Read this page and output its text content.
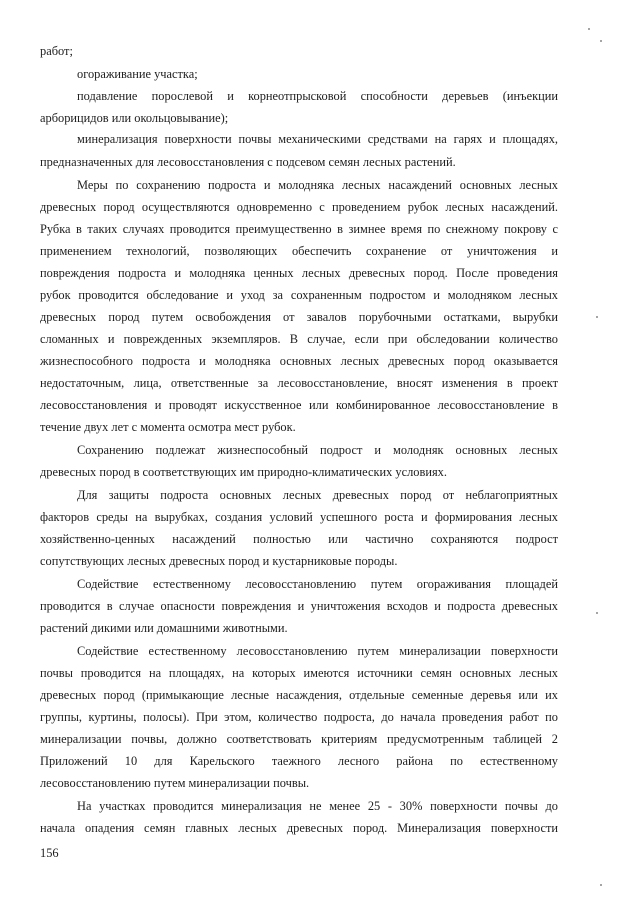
работ;
огораживание участка;
подавление порослевой и корнеотпрысковой способности деревьев (инъекции
арборицидов или окольцовывание);
минерализация поверхности почвы механическими средствами на гарях и площадях,
предназначенных для лесовосстановления с подсевом семян лесных растений.
Меры по сохранению подроста и молодняка лесных насаждений основных лесных
древесных пород осуществляются одновременно с проведением рубок лесных насаждений.
Рубка в таких случаях проводится преимущественно в зимнее время по снежному покрову с
применением технологий, позволяющих обеспечить сохранение от уничтожения и
повреждения подроста и молодняка ценных лесных древесных пород. После проведения
рубок проводится обследование и уход за сохраненным подростом и молодняком лесных
древесных пород путем освобождения от завалов порубочными остатками, вырубки
сломанных и поврежденных экземпляров. В случае, если при обследовании количество
жизнеспособного подроста и молодняка основных лесных древесных пород оказывается
недостаточным, лица, ответственные за лесовосстановление, вносят изменения в проект
лесовосстановления и проводят искусственное или комбинированное лесовосстановление в
течение двух лет с момента осмотра мест рубок.
Сохранению подлежат жизнеспособный подрост и молодняк основных лесных
древесных пород в соответствующих им природно-климатических условиях.
Для защиты подроста основных лесных древесных пород от неблагоприятных
факторов среды на вырубках, создания условий успешного роста и формирования лесных
хозяйственно-ценных насаждений полностью или частично сохраняются подрост
сопутствующих лесных древесных пород и кустарниковые породы.
Содействие естественному лесовосстановлению путем огораживания площадей
проводится в случае опасности повреждения и уничтожения всходов и подроста древесных
растений дикими или домашними животными.
Содействие естественному лесовосстановлению путем минерализации поверхности
почвы проводится на площадях, на которых имеются источники семян основных лесных
древесных пород (примыкающие лесные насаждения, отдельные семенные деревья или их
группы, куртины, полосы). При этом, количество подроста, до начала проведения работ по
минерализации почвы, должно соответствовать критериям предусмотренным таблицей 2
Приложений 10 для Карельского таежного лесного района по естественному
лесовосстановлению путем минерализации почвы.
На участках проводится минерализация не менее 25 - 30% поверхности почвы до
начала опадения семян главных лесных древесных пород. Минерализация поверхности
156
